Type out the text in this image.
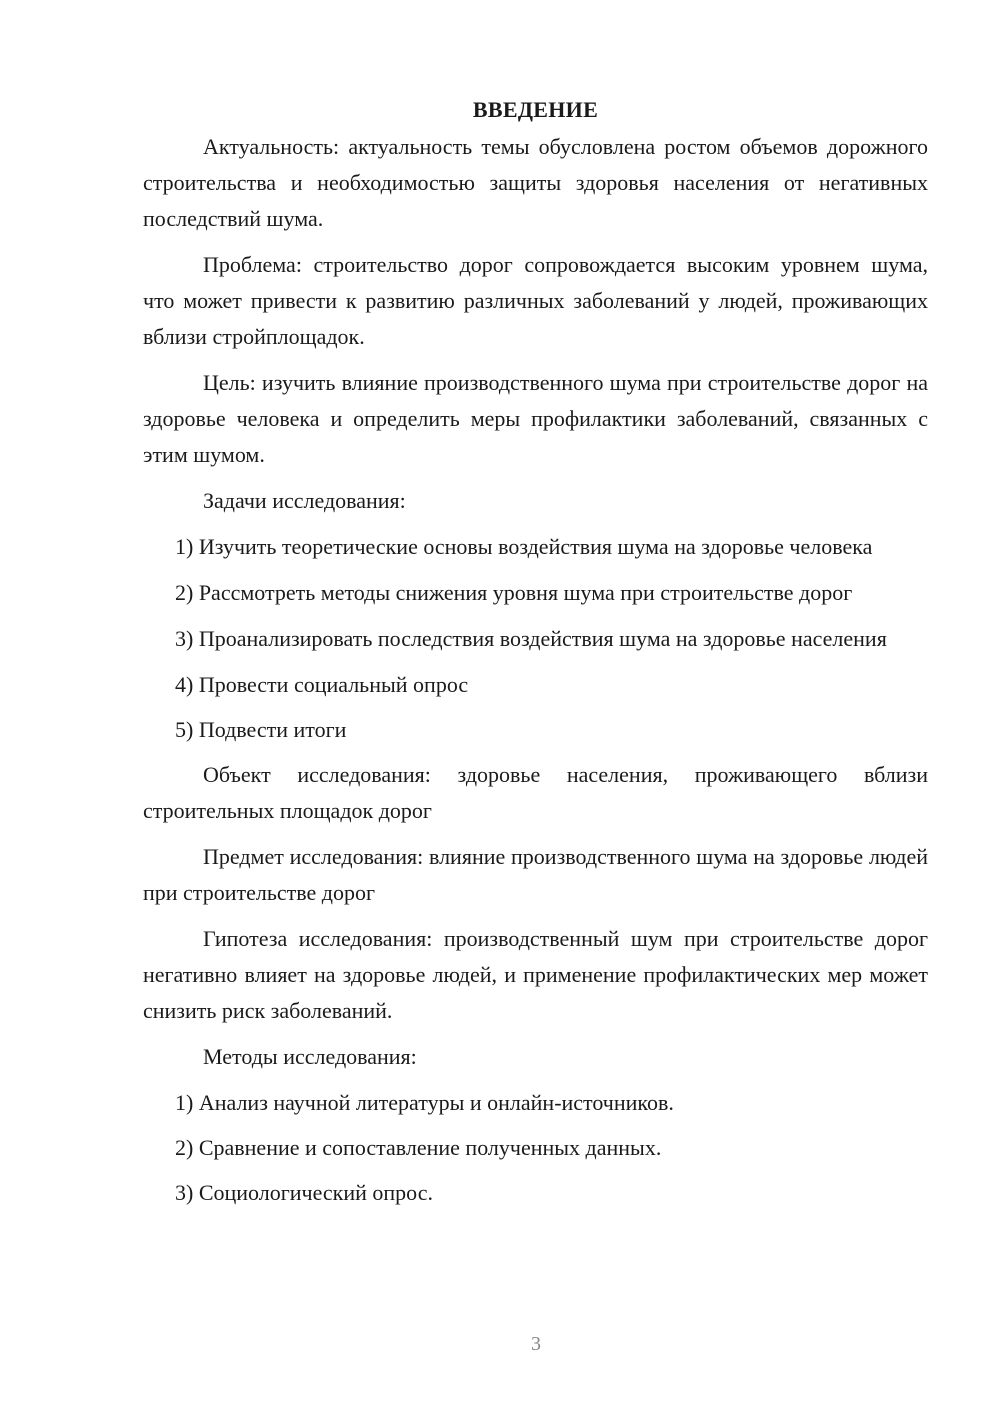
ВВЕДЕНИЕ

Актуальность: актуальность темы обусловлена ростом объемов дорожного строительства и необходимостью защиты здоровья населения от негативных последствий шума.

Проблема: строительство дорог сопровождается высоким уровнем шума, что может привести к развитию различных заболеваний у людей, проживающих вблизи стройплощадок.

Цель: изучить влияние производственного шума при строительстве дорог на здоровье человека и определить меры профилактики заболеваний, связанных с этим шумом.

Задачи исследования:

1) Изучить теоретические основы воздействия шума на здоровье человека

2) Рассмотреть методы снижения уровня шума при строительстве дорог

3) Проанализировать последствия воздействия шума на здоровье населения

4) Провести социальный опрос

5) Подвести итоги

Объект исследования: здоровье населения, проживающего вблизи строительных площадок дорог

Предмет исследования: влияние производственного шума на здоровье людей при строительстве дорог

Гипотеза исследования: производственный шум при строительстве дорог негативно влияет на здоровье людей, и применение профилактических мер может снизить риск заболеваний.

Методы исследования:

1) Анализ научной литературы и онлайн-источников.

2) Сравнение и сопоставление полученных данных.

3) Социологический опрос.

3
